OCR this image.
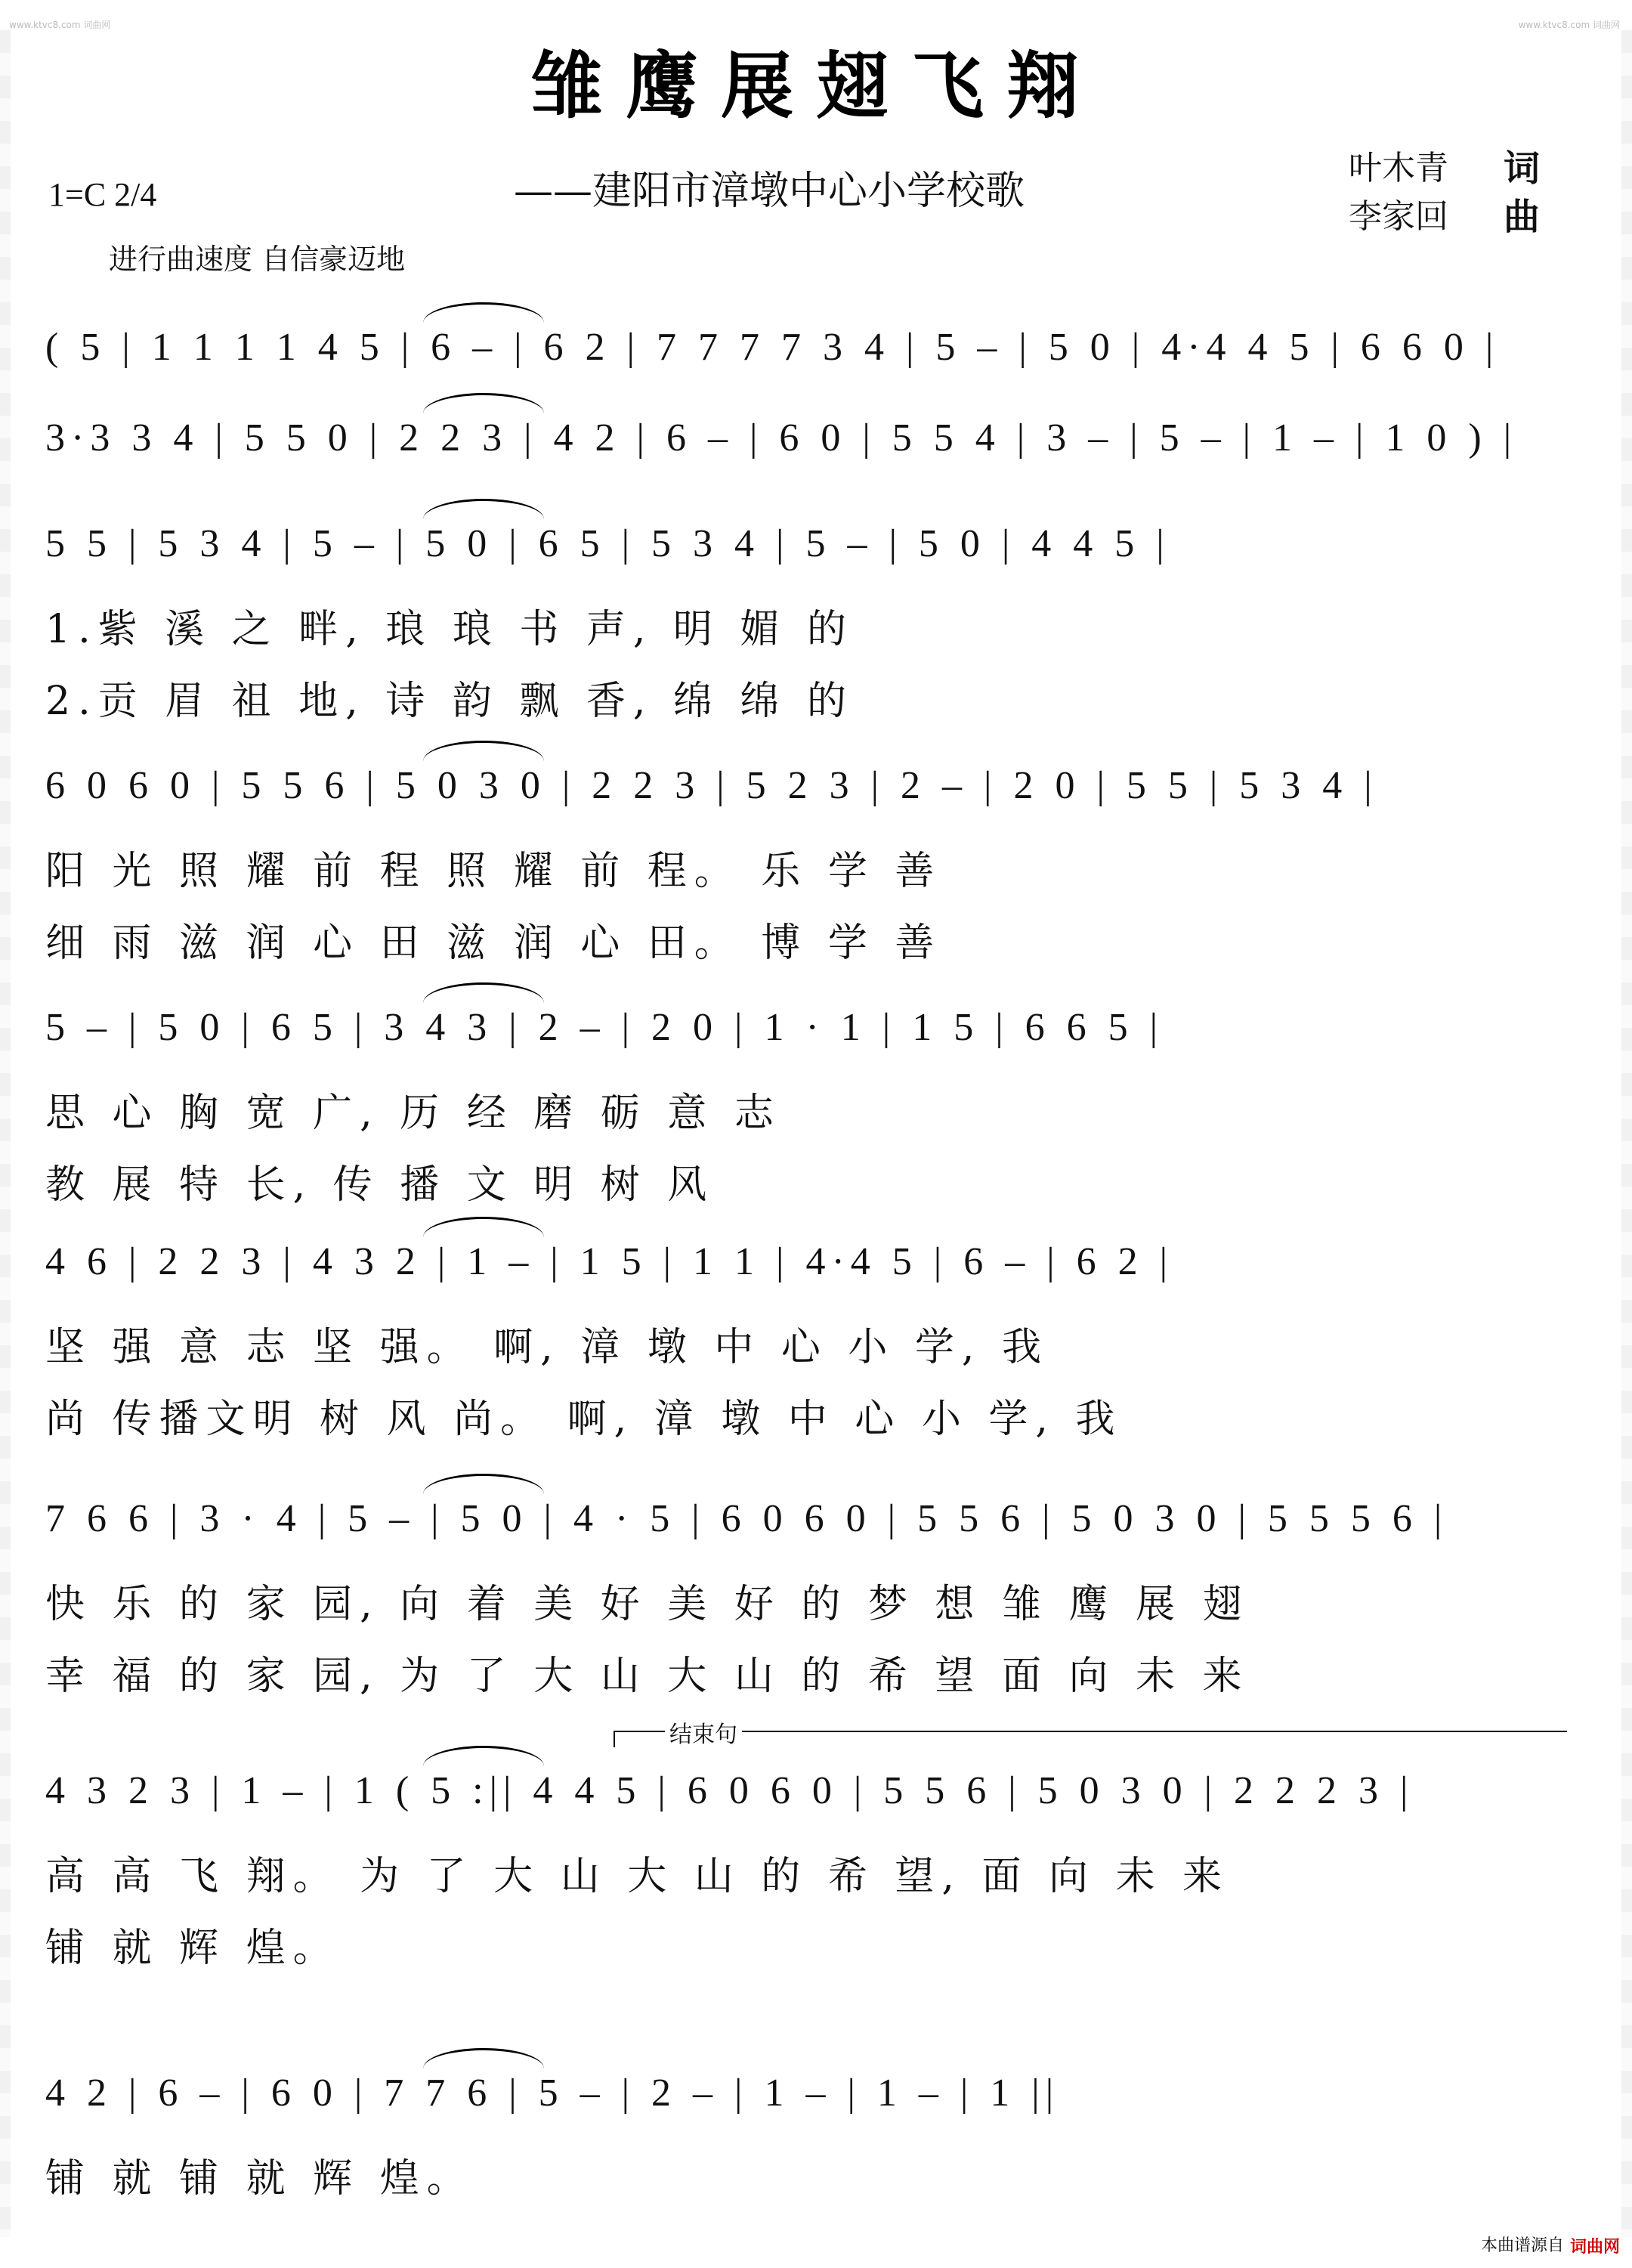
www.ktvc8.com 词曲网	www.ktvc8.com 词曲网
雏鹰展翅飞翔
1=C 2/4	——建阳市漳墩中心小学校歌
进行曲速度 自信豪迈地
叶木青 词
李家回 曲
( 5 | 1 1 1 1 4 5 | 6 – | 6 2 | 7 7 7 7 3 4 | 5 – | 5 0 | 4·4 4 5 | 6 6 0 |
3·3 3 4 | 5 5 0 | 2 2 3 | 4 2 | 6 – | 6 0 | 5 5 4 | 3 – | 5 – | 1 – | 1 0 ) |
5 5 | 5 3 4 | 5 – | 5 0 | 6 5 | 5 3 4 | 5 – | 5 0 | 4 4 5 |
1.紫 溪 之 畔, 琅 琅 书 声, 明 媚 的
2.贡 眉 祖 地, 诗 韵 飘 香, 绵 绵 的
6 0 6 0 | 5 5 6 | 5 0 3 0 | 2 2 3 | 5 2 3 | 2 – | 2 0 | 5 5 | 5 3 4 |
阳 光 照 耀 前 程 照 耀 前 程。 乐 学 善
细 雨 滋 润 心 田 滋 润 心 田。 博 学 善
5 – | 5 0 | 6 5 | 3 4 3 | 2 – | 2 0 | 1 · 1 | 1 5 | 6 6 5 |
思 心 胸 宽 广, 历 经 磨 砺 意 志
教 展 特 长, 传 播 文 明 树 风
4 6 | 2 2 3 | 4 3 2 | 1 – | 1 5 | 1 1 | 4·4 5 | 6 – | 6 2 |
坚 强 意 志 坚 强。 啊, 漳 墩 中 心 小 学, 我
尚 传播文明 树 风 尚。 啊, 漳 墩 中 心 小 学, 我
7 6 6 | 3 · 4 | 5 – | 5 0 | 4 · 5 | 6 0 6 0 | 5 5 6 | 5 0 3 0 | 5 5 5 6 |
快 乐 的 家 园, 向 着 美 好 美 好 的 梦 想 雏 鹰 展 翅
幸 福 的 家 园, 为 了 大 山 大 山 的 希 望 面 向 未 来
4 3 2 3 | 1 – | 1 ( 5 :|| 4 4 5 | 6 0 6 0 | 5 5 6 | 5 0 3 0 | 2 2 2 3 |
高 高 飞 翔。 为 了 大 山 大 山 的 希 望, 面 向 未 来
铺 就 辉 煌。
4 2 | 6 – | 6 0 | 7 7 6 | 5 – | 2 – | 1 – | 1 – | 1 ||
铺 就 铺 就 辉 煌。
结束句
本曲谱源自 词曲网
